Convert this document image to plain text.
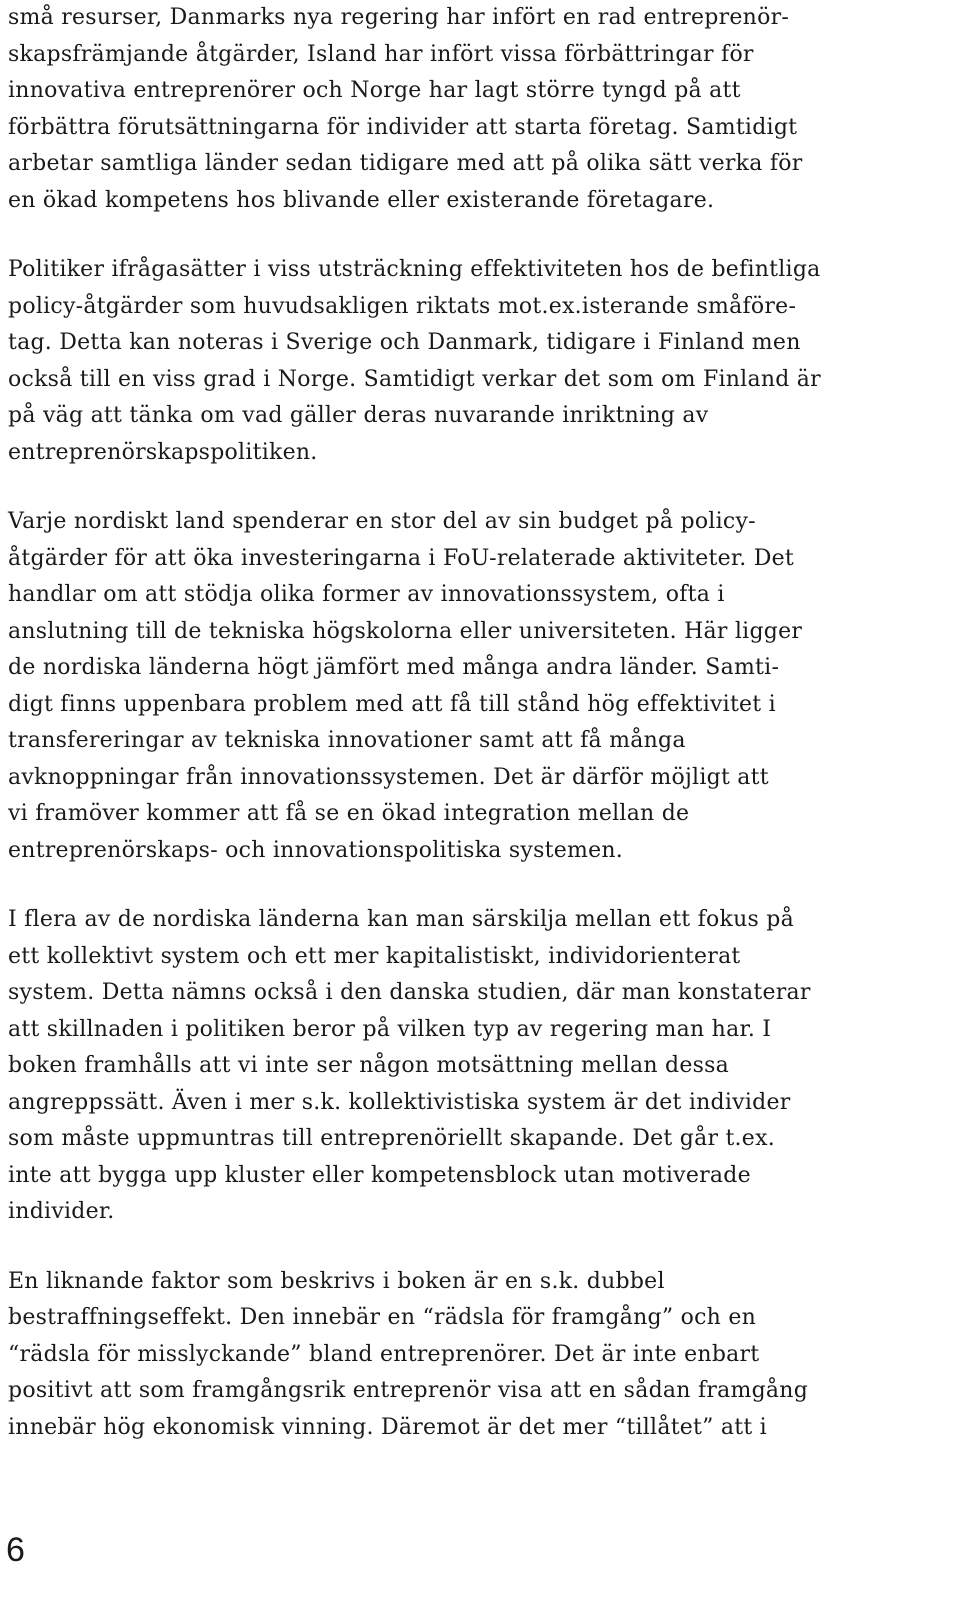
små resurser, Danmarks nya regering har infört en rad entreprenör-
skapsfrämjande åtgärder, Island har infört vissa förbättringar för
innovativa entreprenörer och Norge har lagt större tyngd på att
förbättra förutsättningarna för individer att starta företag. Samtidigt
arbetar samtliga länder sedan tidigare med att på olika sätt verka för
en ökad kompetens hos blivande eller existerande företagare.
Politiker ifrågasätter i viss utsträckning effektiviteten hos de befintliga
policy-åtgärder som huvudsakligen riktats mot.ex.isterande småföre-
tag. Detta kan noteras i Sverige och Danmark, tidigare i Finland men
också till en viss grad i Norge. Samtidigt verkar det som om Finland är
på väg att tänka om vad gäller deras nuvarande inriktning av
entreprenörskapspolitiken.
Varje nordiskt land spenderar en stor del av sin budget på policy-
åtgärder för att öka investeringarna i FoU-relaterade aktiviteter. Det
handlar om att stödja olika former av innovationssystem, ofta i
anslutning till de tekniska högskolorna eller universiteten. Här ligger
de nordiska länderna högt jämfört med många andra länder. Samti-
digt finns uppenbara problem med att få till stånd hög effektivitet i
transfereringar av tekniska innovationer samt att få många
avknoppningar från innovationssystemen. Det är därför möjligt att
vi framöver kommer att få se en ökad integration mellan de
entreprenörskaps- och innovationspolitiska systemen.
I flera av de nordiska länderna kan man särskilja mellan ett fokus på
ett kollektivt system och ett mer kapitalistiskt, individorienterat
system. Detta nämns också i den danska studien, där man konstaterar
att skillnaden i politiken beror på vilken typ av regering man har. I
boken framhålls att vi inte ser någon motsättning mellan dessa
angreppssätt. Även i mer s.k. kollektivistiska system är det individer
som måste uppmuntras till entreprenöriellt skapande. Det går t.ex.
inte att bygga upp kluster eller kompetensblock utan motiverade
individer.
En liknande faktor som beskrivs i boken är en s.k. dubbel
bestraffningseffekt. Den innebär en “rädsla för framgång” och en
“rädsla för misslyckande” bland entreprenörer. Det är inte enbart
positivt att som framgångsrik entreprenör visa att en sådan framgång
innebär hög ekonomisk vinning. Däremot är det mer “tillåtet” att i
6
